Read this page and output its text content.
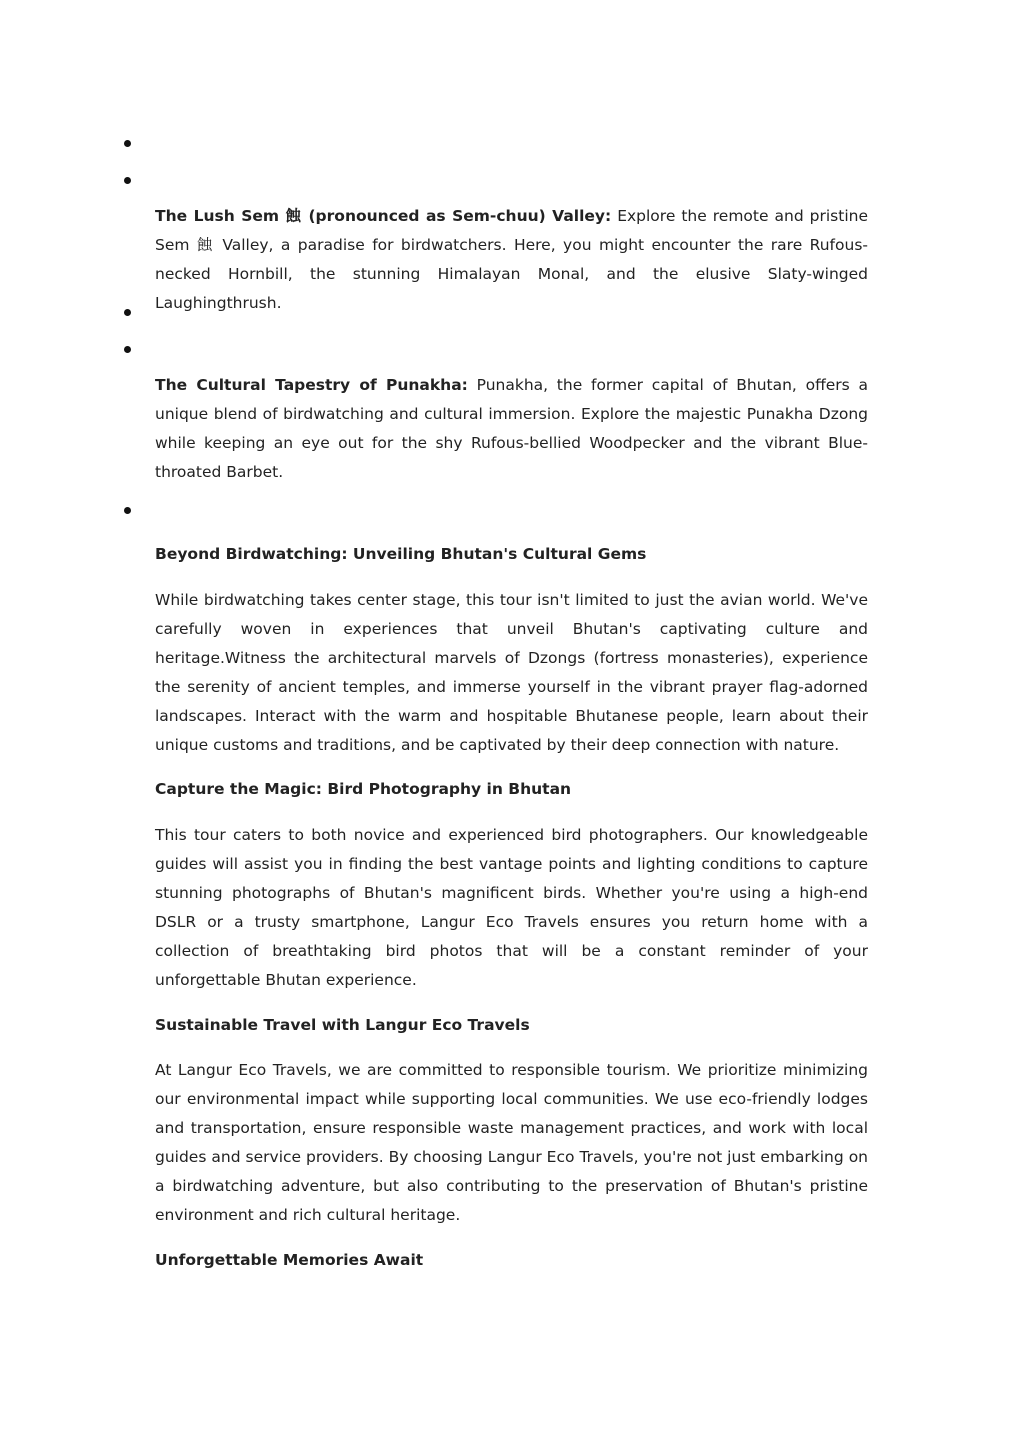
The Lush Sem 蝕 (pronounced as Sem-chuu) Valley: Explore the remote and pristine Sem 蝕 Valley, a paradise for birdwatchers. Here, you might encounter the rare Rufous-necked Hornbill, the stunning Himalayan Monal, and the elusive Slaty-winged Laughingthrush.

The Cultural Tapestry of Punakha: Punakha, the former capital of Bhutan, offers a unique blend of birdwatching and cultural immersion. Explore the majestic Punakha Dzong while keeping an eye out for the shy Rufous-bellied Woodpecker and the vibrant Blue-throated Barbet.

Beyond Birdwatching: Unveiling Bhutan's Cultural Gems

While birdwatching takes center stage, this tour isn't limited to just the avian world. We've carefully woven in experiences that unveil Bhutan's captivating culture and heritage.Witness the architectural marvels of Dzongs (fortress monasteries), experience the serenity of ancient temples, and immerse yourself in the vibrant prayer flag-adorned landscapes. Interact with the warm and hospitable Bhutanese people, learn about their unique customs and traditions, and be captivated by their deep connection with nature.

Capture the Magic: Bird Photography in Bhutan

This tour caters to both novice and experienced bird photographers. Our knowledgeable guides will assist you in finding the best vantage points and lighting conditions to capture stunning photographs of Bhutan's magnificent birds. Whether you're using a high-end DSLR or a trusty smartphone, Langur Eco Travels ensures you return home with a collection of breathtaking bird photos that will be a constant reminder of your unforgettable Bhutan experience.

Sustainable Travel with Langur Eco Travels

At Langur Eco Travels, we are committed to responsible tourism. We prioritize minimizing our environmental impact while supporting local communities. We use eco-friendly lodges and transportation, ensure responsible waste management practices, and work with local guides and service providers. By choosing Langur Eco Travels, you're not just embarking on a birdwatching adventure, but also contributing to the preservation of Bhutan's pristine environment and rich cultural heritage.

Unforgettable Memories Await
